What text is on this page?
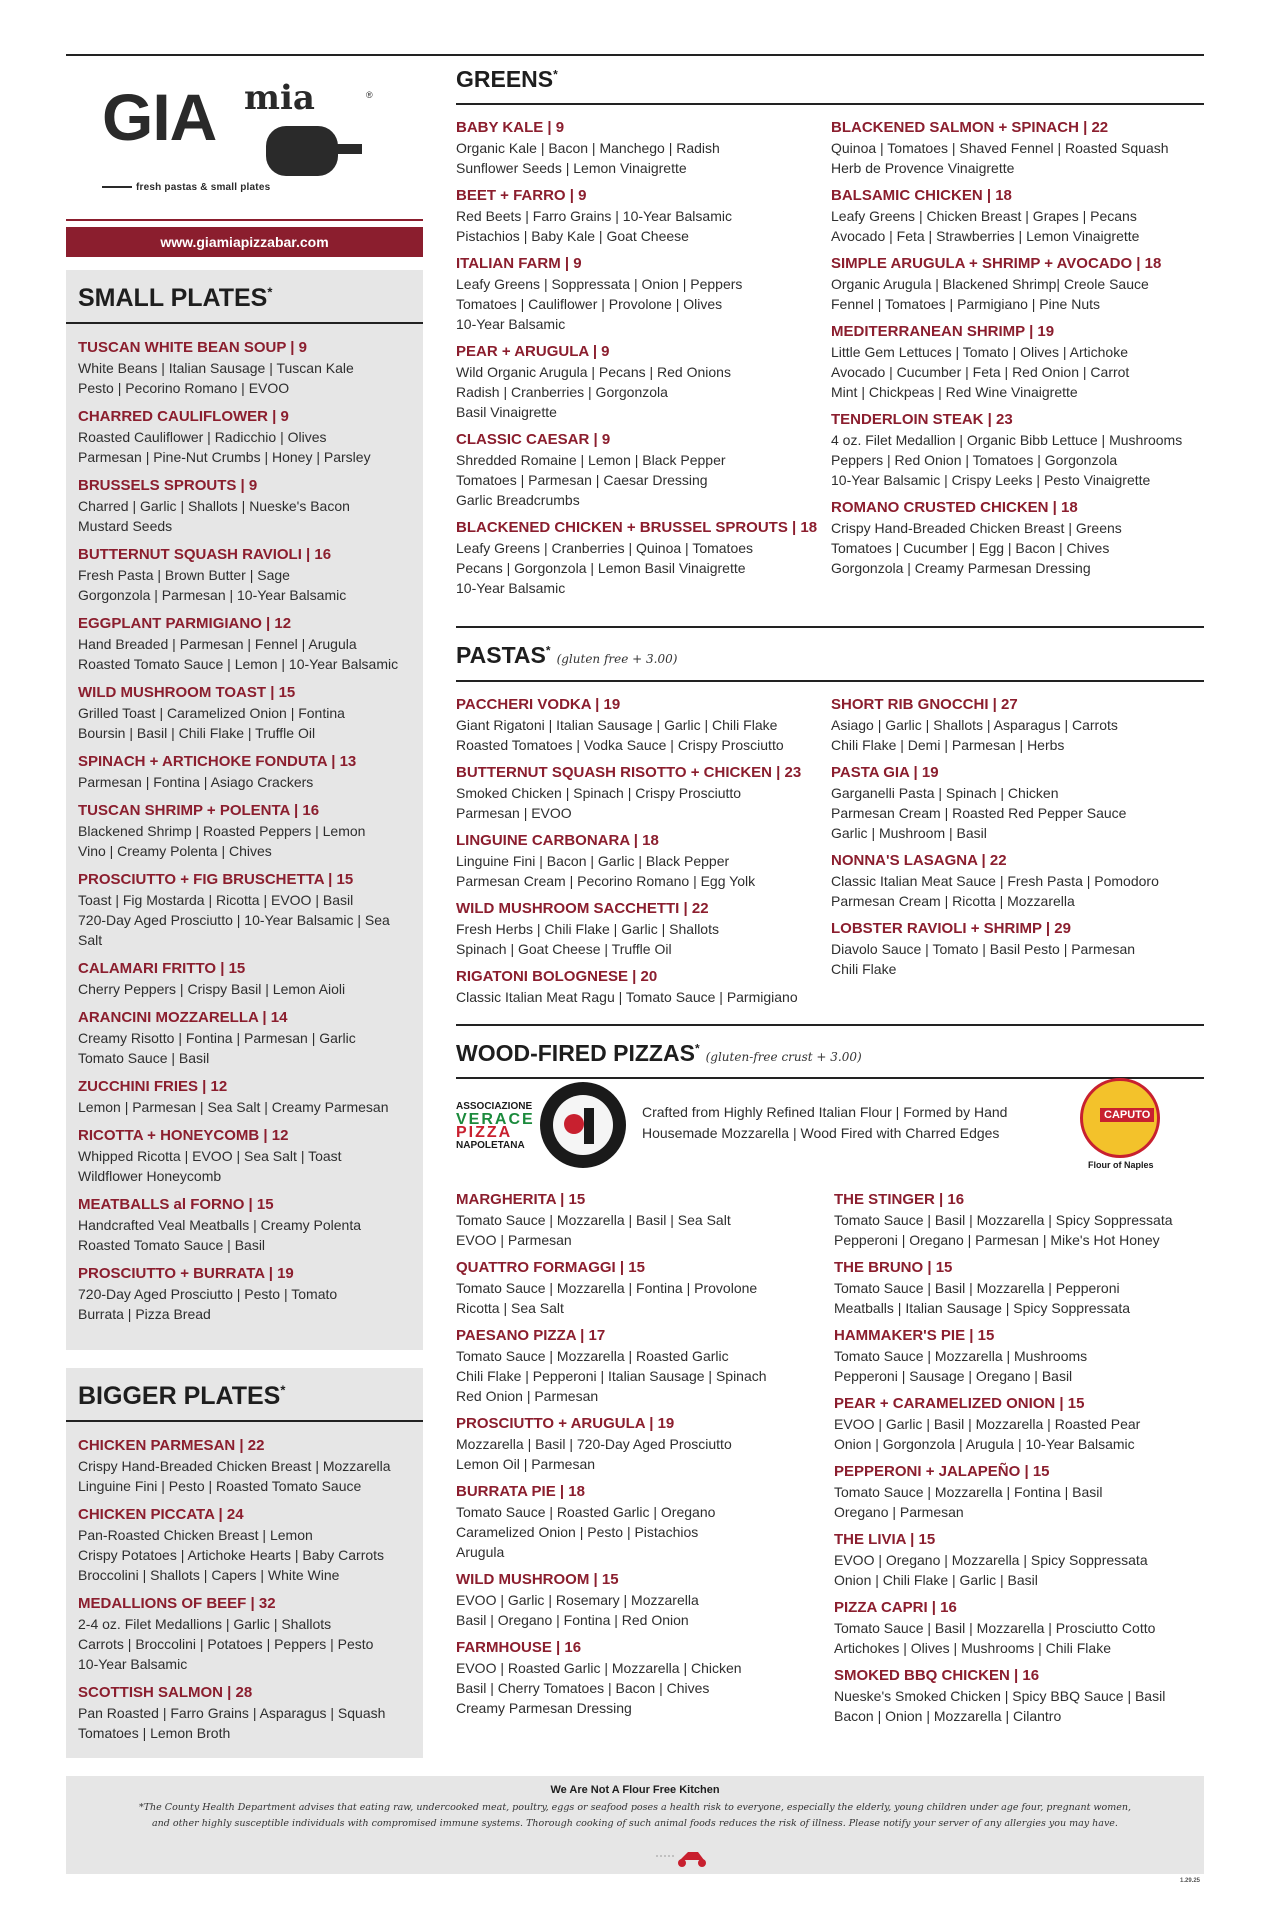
GIA mia	®
fresh pastas & small plates
www.giamiapizzabar.com
SMALL PLATES*
TUSCAN WHITE BEAN SOUP | 9
White Beans | Italian Sausage | Tuscan Kale
Pesto | Pecorino Romano | EVOO
CHARRED CAULIFLOWER | 9
Roasted Cauliflower | Radicchio | Olives
Parmesan | Pine-Nut Crumbs | Honey | Parsley
BRUSSELS SPROUTS | 9
Charred | Garlic | Shallots | Nueske's Bacon
Mustard Seeds
BUTTERNUT SQUASH RAVIOLI | 16
Fresh Pasta | Brown Butter | Sage
Gorgonzola | Parmesan | 10-Year Balsamic
EGGPLANT PARMIGIANO | 12
Hand Breaded | Parmesan | Fennel | Arugula
Roasted Tomato Sauce | Lemon | 10-Year Balsamic
WILD MUSHROOM TOAST | 15
Grilled Toast | Caramelized Onion | Fontina
Boursin | Basil | Chili Flake | Truffle Oil
SPINACH + ARTICHOKE FONDUTA | 13
Parmesan | Fontina | Asiago Crackers
TUSCAN SHRIMP + POLENTA | 16
Blackened Shrimp | Roasted Peppers | Lemon
Vino | Creamy Polenta | Chives
PROSCIUTTO + FIG BRUSCHETTA | 15
Toast | Fig Mostarda | Ricotta | EVOO | Basil
720-Day Aged Prosciutto | 10-Year Balsamic | Sea Salt
CALAMARI FRITTO | 15
Cherry Peppers | Crispy Basil | Lemon Aioli
ARANCINI MOZZARELLA | 14
Creamy Risotto | Fontina | Parmesan | Garlic
Tomato Sauce | Basil
ZUCCHINI FRIES | 12
Lemon | Parmesan | Sea Salt | Creamy Parmesan
RICOTTA + HONEYCOMB | 12
Whipped Ricotta | EVOO | Sea Salt | Toast
Wildflower Honeycomb
MEATBALLS al FORNO | 15
Handcrafted Veal Meatballs | Creamy Polenta
Roasted Tomato Sauce | Basil
PROSCIUTTO + BURRATA | 19
720-Day Aged Prosciutto | Pesto | Tomato
Burrata | Pizza Bread
BIGGER PLATES*
CHICKEN PARMESAN | 22
Crispy Hand-Breaded Chicken Breast | Mozzarella
Linguine Fini | Pesto | Roasted Tomato Sauce
CHICKEN PICCATA | 24
Pan-Roasted Chicken Breast | Lemon
Crispy Potatoes | Artichoke Hearts | Baby Carrots
Broccolini | Shallots | Capers | White Wine
MEDALLIONS OF BEEF | 32
2-4 oz. Filet Medallions | Garlic | Shallots
Carrots | Broccolini | Potatoes | Peppers | Pesto
10-Year Balsamic
SCOTTISH SALMON | 28
Pan Roasted | Farro Grains | Asparagus | Squash
Tomatoes | Lemon Broth
GREENS*
BABY KALE | 9
Organic Kale | Bacon | Manchego | Radish
Sunflower Seeds | Lemon Vinaigrette
BEET + FARRO | 9
Red Beets | Farro Grains | 10-Year Balsamic
Pistachios | Baby Kale | Goat Cheese
ITALIAN FARM | 9
Leafy Greens | Soppressata | Onion | Peppers
Tomatoes | Cauliflower | Provolone | Olives
10-Year Balsamic
PEAR + ARUGULA | 9
Wild Organic Arugula | Pecans | Red Onions
Radish | Cranberries | Gorgonzola
Basil Vinaigrette
CLASSIC CAESAR | 9
Shredded Romaine | Lemon | Black Pepper
Tomatoes | Parmesan | Caesar Dressing
Garlic Breadcrumbs
BLACKENED CHICKEN + BRUSSEL SPROUTS | 18
Leafy Greens | Cranberries | Quinoa | Tomatoes
Pecans | Gorgonzola | Lemon Basil Vinaigrette
10-Year Balsamic
BLACKENED SALMON + SPINACH | 22
Quinoa | Tomatoes | Shaved Fennel | Roasted Squash
Herb de Provence Vinaigrette
BALSAMIC CHICKEN | 18
Leafy Greens | Chicken Breast | Grapes | Pecans
Avocado | Feta | Strawberries | Lemon Vinaigrette
SIMPLE ARUGULA + SHRIMP + AVOCADO | 18
Organic Arugula | Blackened Shrimp| Creole Sauce
Fennel | Tomatoes | Parmigiano | Pine Nuts
MEDITERRANEAN SHRIMP | 19
Little Gem Lettuces | Tomato | Olives | Artichoke
Avocado | Cucumber | Feta | Red Onion | Carrot
Mint | Chickpeas | Red Wine Vinaigrette
TENDERLOIN STEAK | 23
4 oz. Filet Medallion | Organic Bibb Lettuce | Mushrooms
Peppers | Red Onion | Tomatoes | Gorgonzola
10-Year Balsamic | Crispy Leeks | Pesto Vinaigrette
ROMANO CRUSTED CHICKEN | 18
Crispy Hand-Breaded Chicken Breast | Greens
Tomatoes | Cucumber | Egg | Bacon | Chives
Gorgonzola | Creamy Parmesan Dressing
PASTAS*(gluten free + 3.00)
PACCHERI VODKA | 19
Giant Rigatoni | Italian Sausage | Garlic | Chili Flake
Roasted Tomatoes | Vodka Sauce | Crispy Prosciutto
BUTTERNUT SQUASH RISOTTO + CHICKEN | 23
Smoked Chicken | Spinach | Crispy Prosciutto
Parmesan | EVOO
LINGUINE CARBONARA | 18
Linguine Fini | Bacon | Garlic | Black Pepper
Parmesan Cream | Pecorino Romano | Egg Yolk
WILD MUSHROOM SACCHETTI | 22
Fresh Herbs | Chili Flake | Garlic | Shallots
Spinach | Goat Cheese | Truffle Oil
RIGATONI BOLOGNESE | 20
Classic Italian Meat Ragu | Tomato Sauce | Parmigiano
SHORT RIB GNOCCHI | 27
Asiago | Garlic | Shallots | Asparagus | Carrots
Chili Flake | Demi | Parmesan | Herbs
PASTA GIA | 19
Garganelli Pasta | Spinach | Chicken
Parmesan Cream | Roasted Red Pepper Sauce
Garlic | Mushroom | Basil
NONNA'S LASAGNA | 22
Classic Italian Meat Sauce | Fresh Pasta | Pomodoro
Parmesan Cream | Ricotta | Mozzarella
LOBSTER RAVIOLI + SHRIMP | 29
Diavolo Sauce | Tomato | Basil Pesto | Parmesan
Chili Flake
WOOD-FIRED PIZZAS*(gluten-free crust + 3.00)
ASSOCIAZIONE
VERACE
PIZZA
NAPOLETANA
Crafted from Highly Refined Italian Flour | Formed by Hand
Housemade Mozzarella | Wood Fired with Charred Edges
CAPUTO
Flour of Naples
MARGHERITA | 15
Tomato Sauce | Mozzarella | Basil | Sea Salt
EVOO | Parmesan
QUATTRO FORMAGGI | 15
Tomato Sauce | Mozzarella | Fontina | Provolone
Ricotta | Sea Salt
PAESANO PIZZA | 17
Tomato Sauce | Mozzarella | Roasted Garlic
Chili Flake | Pepperoni | Italian Sausage | Spinach
Red Onion | Parmesan
PROSCIUTTO + ARUGULA | 19
Mozzarella | Basil | 720-Day Aged Prosciutto
Lemon Oil | Parmesan
BURRATA PIE | 18
Tomato Sauce | Roasted Garlic | Oregano
Caramelized Onion | Pesto | Pistachios
Arugula
WILD MUSHROOM | 15
EVOO | Garlic | Rosemary | Mozzarella
Basil | Oregano | Fontina | Red Onion
FARMHOUSE | 16
EVOO | Roasted Garlic | Mozzarella | Chicken
Basil | Cherry Tomatoes | Bacon | Chives
Creamy Parmesan Dressing
THE STINGER | 16
Tomato Sauce | Basil | Mozzarella | Spicy Soppressata
Pepperoni | Oregano | Parmesan | Mike's Hot Honey
THE BRUNO | 15
Tomato Sauce | Basil | Mozzarella | Pepperoni
Meatballs | Italian Sausage | Spicy Soppressata
HAMMAKER'S PIE | 15
Tomato Sauce | Mozzarella | Mushrooms
Pepperoni | Sausage | Oregano | Basil
PEAR + CARAMELIZED ONION | 15
EVOO | Garlic | Basil | Mozzarella | Roasted Pear
Onion | Gorgonzola | Arugula | 10-Year Balsamic
PEPPERONI + JALAPEÑO | 15
Tomato Sauce | Mozzarella | Fontina | Basil
Oregano | Parmesan
THE LIVIA | 15
EVOO | Oregano | Mozzarella | Spicy Soppressata
Onion | Chili Flake | Garlic | Basil
PIZZA CAPRI | 16
Tomato Sauce | Basil | Mozzarella | Prosciutto Cotto
Artichokes | Olives | Mushrooms | Chili Flake
SMOKED BBQ CHICKEN | 16
Nueske's Smoked Chicken | Spicy BBQ Sauce | Basil
Bacon | Onion | Mozzarella | Cilantro
We Are Not A Flour Free Kitchen
*The County Health Department advises that eating raw, undercooked meat, poultry, eggs or seafood poses a health risk to everyone, especially the elderly, young children under age four, pregnant women, and other highly susceptible individuals with compromised immune systems. Thorough cooking of such animal foods reduces the risk of illness. Please notify your server of any allergies you may have.
1.29.25
